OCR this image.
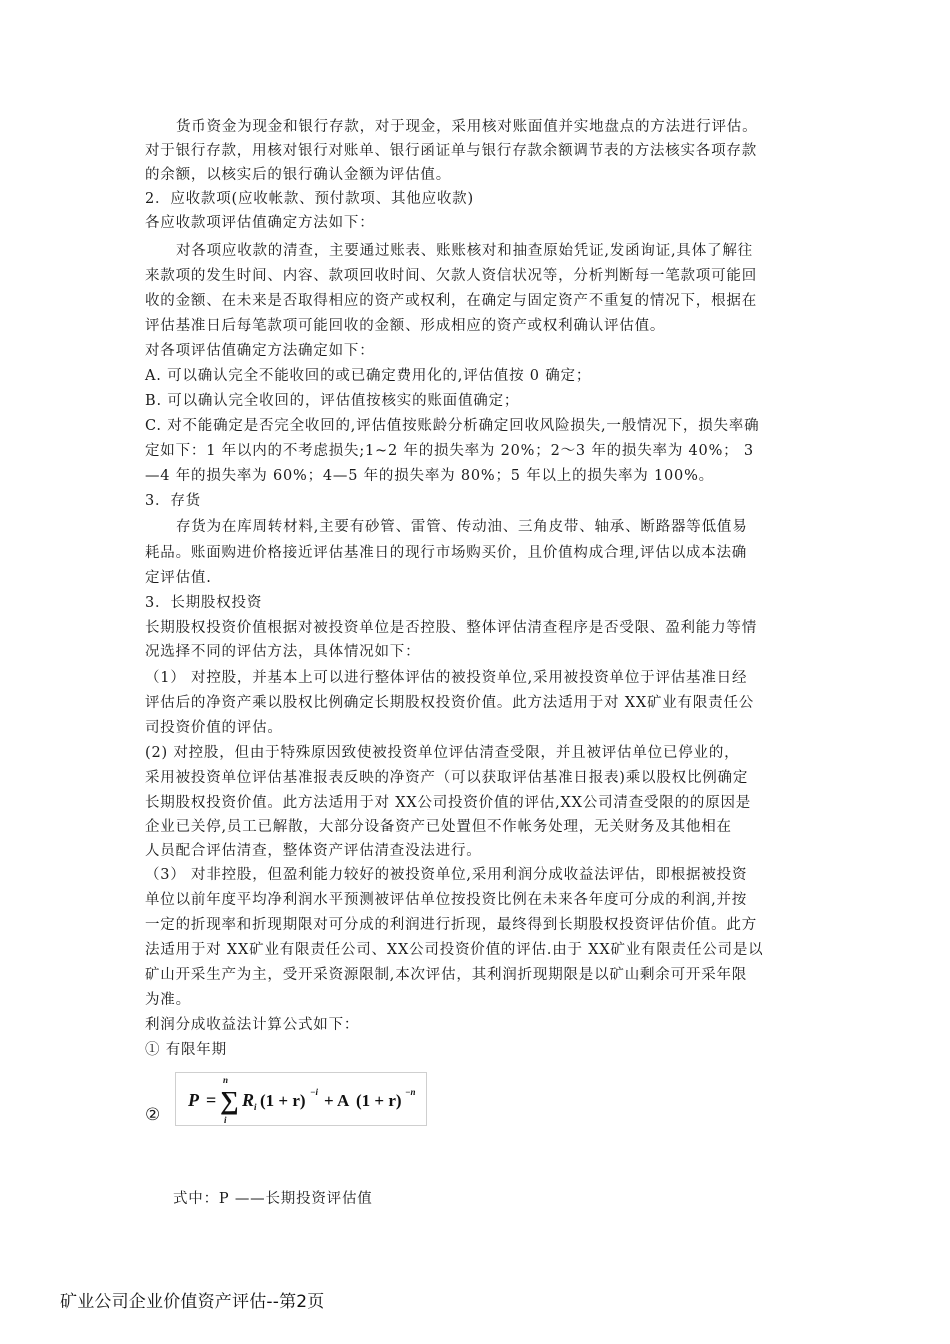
货币资金为现金和银行存款，对于现金，采用核对账面值并实地盘点的方法进行评估。
对于银行存款，用核对银行对账单、银行函证单与银行存款余额调节表的方法核实各项存款
的余额，以核实后的银行确认金额为评估值。
2．应收款项(应收帐款、预付款项、其他应收款)
各应收款项评估值确定方法如下：
对各项应收款的清查，主要通过账表、账账核对和抽查原始凭证,发函询证,具体了解往
来款项的发生时间、内容、款项回收时间、欠款人资信状况等，分析判断每一笔款项可能回
收的金额、在未来是否取得相应的资产或权利，在确定与固定资产不重复的情况下，根据在
评估基准日后每笔款项可能回收的金额、形成相应的资产或权利确认评估值。
对各项评估值确定方法确定如下：
A. 可以确认完全不能收回的或已确定费用化的,评估值按 0 确定；
B. 可以确认完全收回的，评估值按核实的账面值确定；
C. 对不能确定是否完全收回的,评估值按账龄分析确定回收风险损失,一般情况下，损失率确
定如下：1 年以内的不考虑损失;1~2 年的损失率为 20%；2～3 年的损失率为 40%； 3
—4 年的损失率为 60%；4—5 年的损失率为 80%；5 年以上的损失率为 100%。
3．存货
存货为在库周转材料,主要有砂管、雷管、传动油、三角皮带、轴承、断路器等低值易
耗品。账面购进价格接近评估基准日的现行市场购买价，且价值构成合理,评估以成本法确
定评估值.
3．长期股权投资
长期股权投资价值根据对被投资单位是否控股、整体评估清查程序是否受限、盈利能力等情
况选择不同的评估方法，具体情况如下：
（1） 对控股，并基本上可以进行整体评估的被投资单位,采用被投资单位于评估基准日经
评估后的净资产乘以股权比例确定长期股权投资价值。此方法适用于对 XX矿业有限责任公
司投资价值的评估。
(2) 对控股，但由于特殊原因致使被投资单位评估清查受限，并且被评估单位已停业的，
采用被投资单位评估基准报表反映的净资产（可以获取评估基准日报表)乘以股权比例确定
长期股权投资价值。此方法适用于对 XX公司投资价值的评估,XX公司清查受限的的原因是
企业已关停,员工已解散，大部分设备资产已处置但不作帐务处理，无关财务及其他相在
人员配合评估清查，整体资产评估清查没法进行。
（3） 对非控股，但盈利能力较好的被投资单位,采用利润分成收益法评估，即根据被投资
单位以前年度平均净利润水平预测被评估单位按投资比例在未来各年度可分成的利润,并按
一定的折现率和折现期限对可分成的利润进行折现，最终得到长期股权投资评估价值。此方
法适用于对 XX矿业有限责任公司、XX公司投资价值的评估.由于 XX矿业有限责任公司是以
矿山开采生产为主，受开采资源限制,本次评估，其利润折现期限是以矿山剩余可开采年限
为准。
利润分成收益法计算公式如下：
① 有限年期
②
P =
n
∑
i
R i (1 + r) −i + A (1 + r) −n
式中：P ——长期投资评估值
矿业公司企业价值资产评估--第2页
